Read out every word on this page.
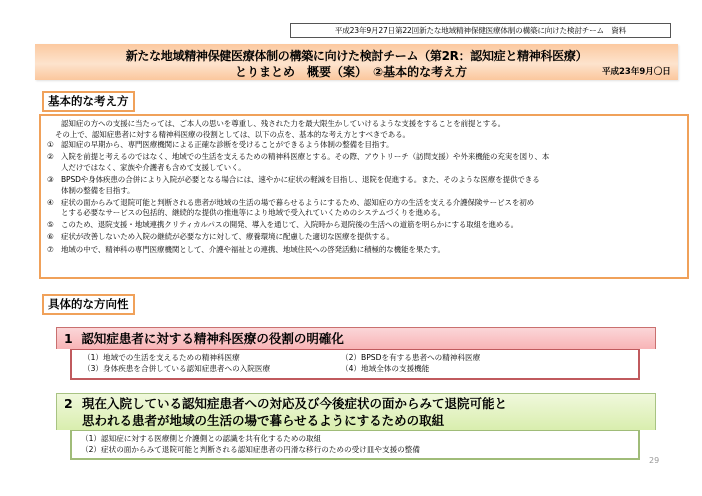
平成23年9月27日第22回新たな地域精神保健医療体制の構築に向けた検討チーム　資料
新たな地域精神保健医療体制の構築に向けた検討チーム（第2R：認知症と精神科医療）
とりまとめ　概要（案）　②基本的な考え方	平成23年9月〇日
基本的な考え方
認知症の方への支援に当たっては、ご本人の思いを尊重し、残された力を最大限生かしていけるような支援をすることを前提とする。
その上で、認知症患者に対する精神科医療の役割としては、以下の点を、基本的な考え方とすべきである。
① 認知症の早期から、専門医療機関による正確な診断を受けることができるよう体制の整備を目指す。
② 入院を前提と考えるのではなく、地域での生活を支えるための精神科医療とする。その際、アウトリーチ（訪問支援）や外来機能の充実を図り、本
人だけではなく、家族や介護者も含めて支援していく。
③ BPSDや身体疾患の合併により入院が必要となる場合には、速やかに症状の軽減を目指し、退院を促進する。また、そのような医療を提供できる
体制の整備を目指す。
④ 症状の面からみて退院可能と判断される患者が地域の生活の場で暮らせるようにするため、認知症の方の生活を支える介護保険サービスを初め
とする必要なサービスの包括的、継続的な提供の推進等により地域で受入れていくためのシステムづくりを進める。
⑤ このため、退院支援・地域連携クリティカルパスの開発、導入を通じて、入院時から退院後の生活への道筋を明らかにする取組を進める。
⑥ 症状が改善しないため入院の継続が必要な方に対して、療養環境に配慮した適切な医療を提供する。
⑦ 地域の中で、精神科の専門医療機関として、介護や福祉との連携、地域住民への啓発活動に積極的な機能を果たす。
具体的な方向性
1 認知症患者に対する精神科医療の役割の明確化
（1）地域での生活を支えるための精神科医療	（2）BPSDを有する患者への精神科医療
（3）身体疾患を合併している認知症患者への入院医療	（4）地域全体の支援機能
2 現在入院している認知症患者への対応及び今後症状の面からみて退院可能と
思われる患者が地域の生活の場で暮らせるようにするための取組
（1）認知症に対する医療側と介護側との認識を共有化するための取組
（2）症状の面からみて退院可能と判断される認知症患者の円滑な移行のための受け皿や支援の整備
29
